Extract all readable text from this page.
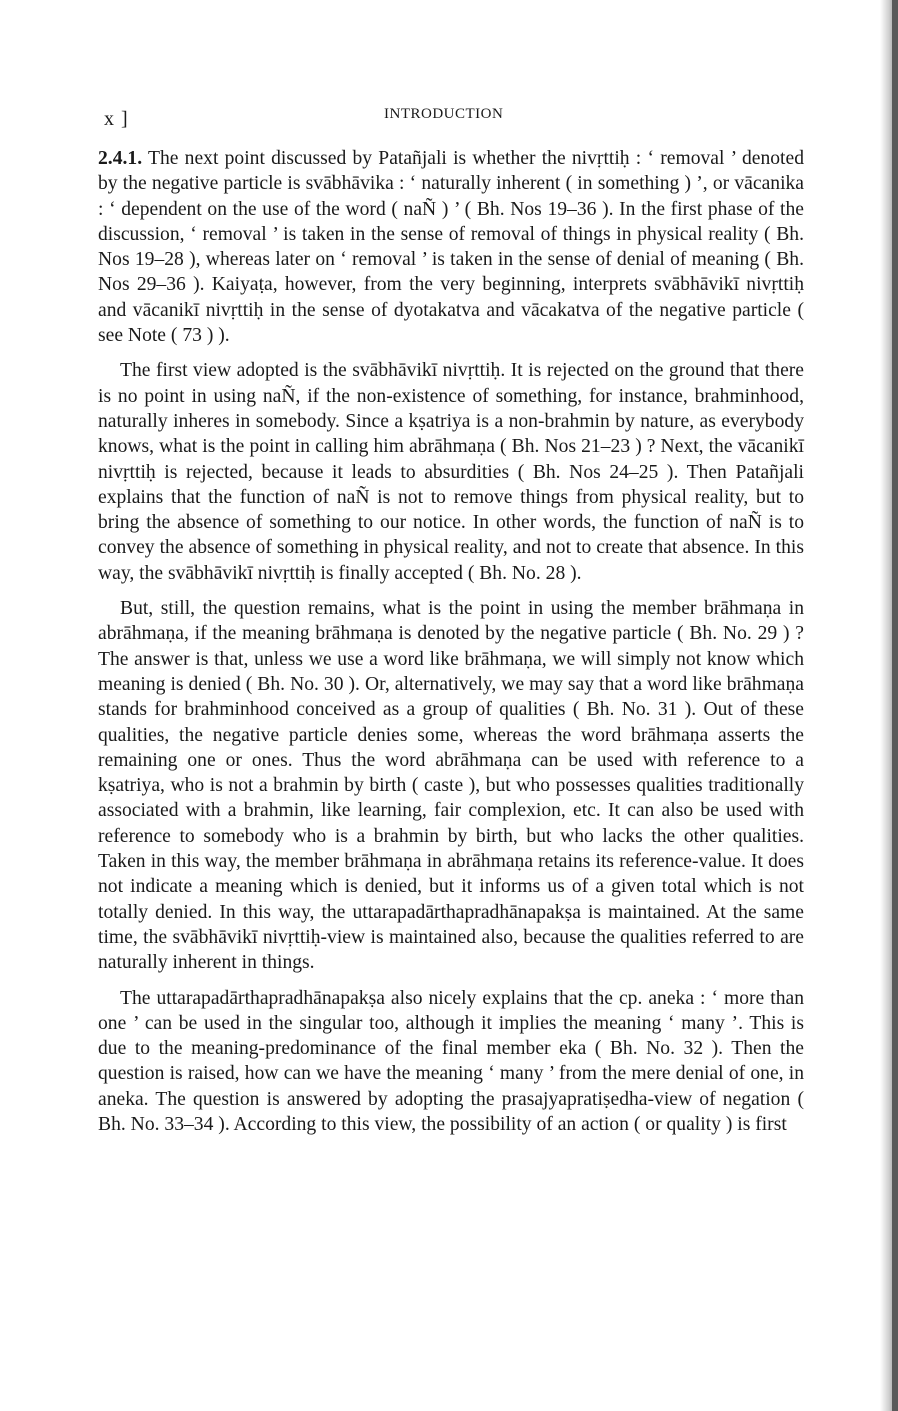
x ]	INTRODUCTION

2.4.1. The next point discussed by Patañjali is whether the nivṛttiḥ : ‘ removal ’ denoted by the negative particle is svābhāvika : ‘ naturally inherent ( in something ) ’, or vācanika : ‘ dependent on the use of the word ( naÑ ) ’ ( Bh. Nos 19–36 ). In the first phase of the discussion, ‘ removal ’ is taken in the sense of removal of things in physical reality ( Bh. Nos 19–28 ), whereas later on ‘ removal ’ is taken in the sense of denial of meaning ( Bh. Nos 29–36 ). Kaiyaṭa, however, from the very beginning, interprets svābhāvikī nivṛttiḥ and vācanikī nivṛttiḥ in the sense of dyotakatva and vācakatva of the negative particle ( see Note ( 73 ) ).

The first view adopted is the svābhāvikī nivṛttiḥ. It is rejected on the ground that there is no point in using naÑ, if the non-existence of something, for instance, brahminhood, naturally inheres in somebody. Since a kṣatriya is a non-brahmin by nature, as everybody knows, what is the point in calling him abrāhmaṇa ( Bh. Nos 21–23 ) ? Next, the vācanikī nivṛttiḥ is rejected, because it leads to absurdities ( Bh. Nos 24–25 ). Then Patañjali explains that the function of naÑ is not to remove things from physical reality, but to bring the absence of something to our notice. In other words, the function of naÑ is to convey the absence of something in physical reality, and not to create that absence. In this way, the svābhāvikī nivṛttiḥ is finally accepted ( Bh. No. 28 ).

But, still, the question remains, what is the point in using the member brāhmaṇa in abrāhmaṇa, if the meaning brāhmaṇa is denoted by the negative particle ( Bh. No. 29 ) ? The answer is that, unless we use a word like brāhmaṇa, we will simply not know which meaning is denied ( Bh. No. 30 ). Or, alternatively, we may say that a word like brāhmaṇa stands for brahminhood conceived as a group of qualities ( Bh. No. 31 ). Out of these qualities, the negative particle denies some, whereas the word brāhmaṇa asserts the remaining one or ones. Thus the word abrāhmaṇa can be used with reference to a kṣatriya, who is not a brahmin by birth ( caste ), but who possesses qualities traditionally associated with a brahmin, like learning, fair complexion, etc. It can also be used with reference to somebody who is a brahmin by birth, but who lacks the other qualities. Taken in this way, the member brāhmaṇa in abrāhmaṇa retains its reference-value. It does not indicate a meaning which is denied, but it informs us of a given total which is not totally denied. In this way, the uttarapadārthapradhānapakṣa is maintained. At the same time, the svābhāvikī nivṛttiḥ-view is maintained also, because the qualities referred to are naturally inherent in things.

The uttarapadārthapradhānapakṣa also nicely explains that the cp. aneka : ‘ more than one ’ can be used in the singular too, although it implies the meaning ‘ many ’. This is due to the meaning-predominance of the final member eka ( Bh. No. 32 ). Then the question is raised, how can we have the meaning ‘ many ’ from the mere denial of one, in aneka. The question is answered by adopting the prasajyapratiṣedha-view of negation ( Bh. No. 33–34 ). According to this view, the possibility of an action ( or quality ) is first
